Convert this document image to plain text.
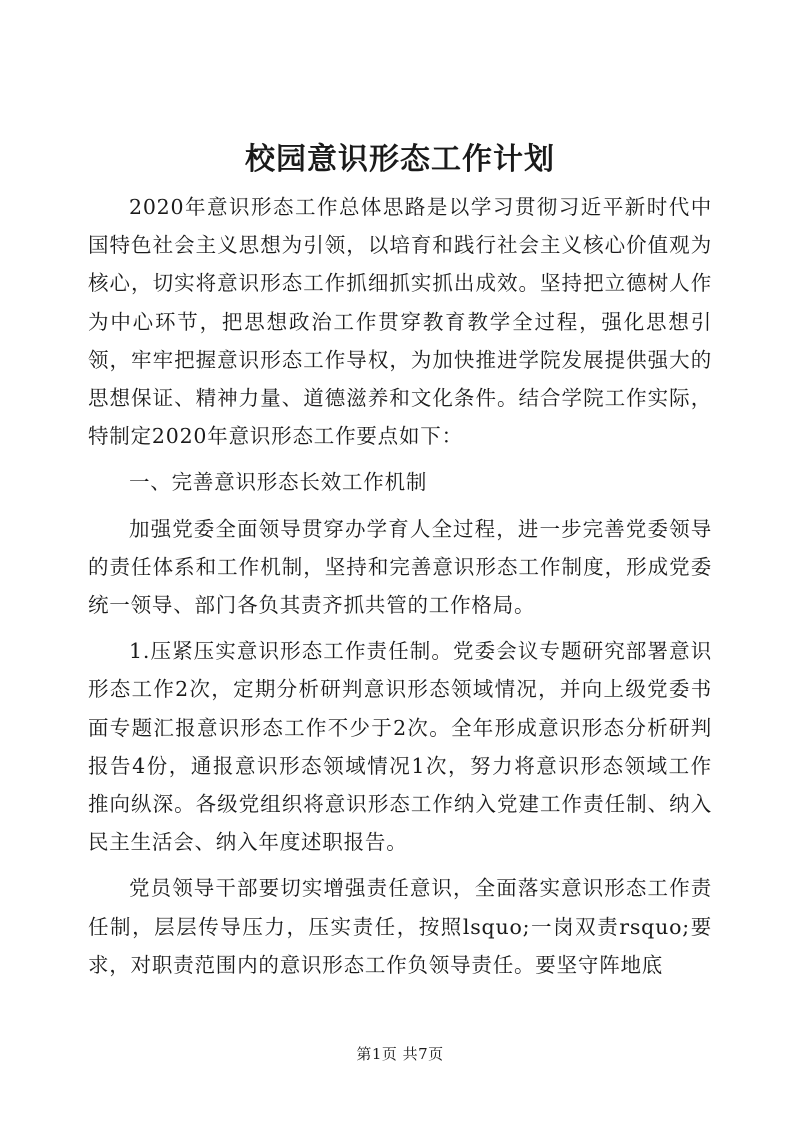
校园意识形态工作计划

2020年意识形态工作总体思路是以学习贯彻习近平新时代中国特色社会主义思想为引领，以培育和践行社会主义核心价值观为核心，切实将意识形态工作抓细抓实抓出成效。坚持把立德树人作为中心环节，把思想政治工作贯穿教育教学全过程，强化思想引领，牢牢把握意识形态工作导权，为加快推进学院发展提供强大的思想保证、精神力量、道德滋养和文化条件。结合学院工作实际，特制定2020年意识形态工作要点如下：

一、完善意识形态长效工作机制

加强党委全面领导贯穿办学育人全过程，进一步完善党委领导的责任体系和工作机制，坚持和完善意识形态工作制度，形成党委统一领导、部门各负其责齐抓共管的工作格局。

1.压紧压实意识形态工作责任制。党委会议专题研究部署意识形态工作2次，定期分析研判意识形态领域情况，并向上级党委书面专题汇报意识形态工作不少于2次。全年形成意识形态分析研判报告4份，通报意识形态领域情况1次，努力将意识形态领域工作推向纵深。各级党组织将意识形态工作纳入党建工作责任制、纳入民主生活会、纳入年度述职报告。

党员领导干部要切实增强责任意识，全面落实意识形态工作责任制，层层传导压力，压实责任，按照lsquo;一岗双责rsquo;要求，对职责范围内的意识形态工作负领导责任。要坚守阵地底

第1页 共7页
